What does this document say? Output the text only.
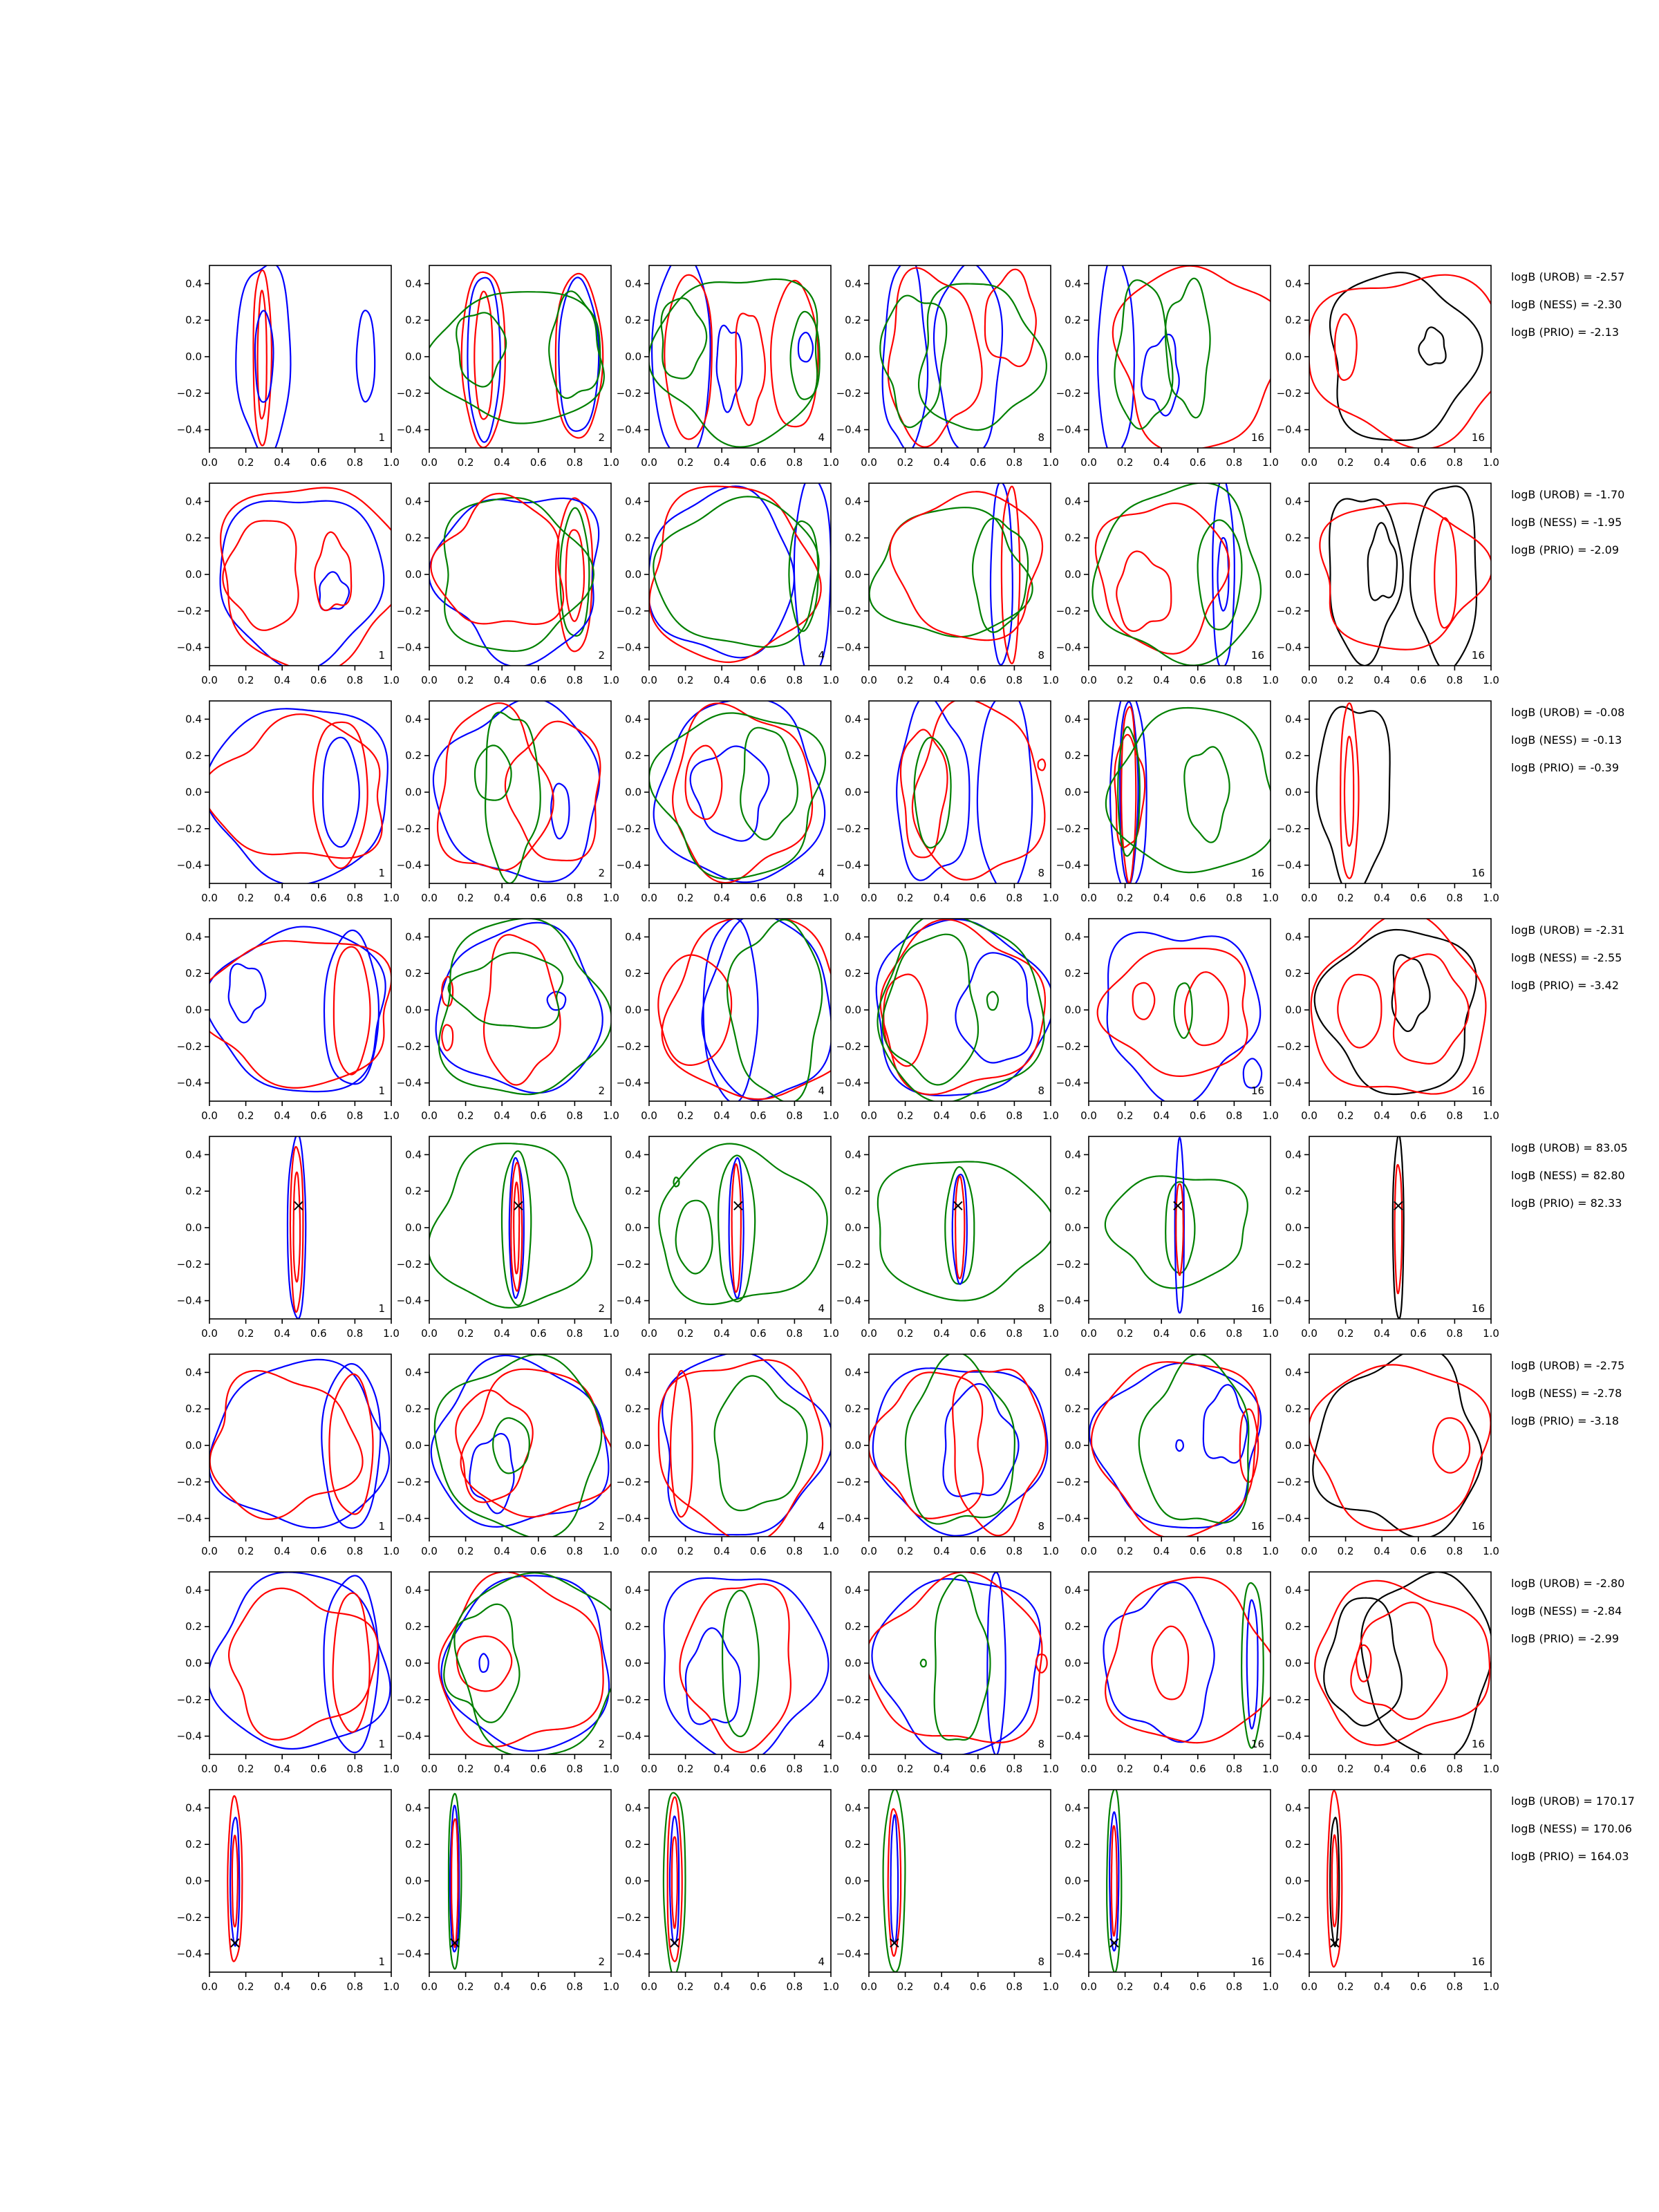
0.0 0.2 0.4 0.6 0.8 1.0
0.4
0.2
0.0
−0.2
−0.4
1
0.0 0.2 0.4 0.6 0.8 1.0
0.4
0.2
0.0
−0.2
−0.4
2
0.0 0.2 0.4 0.6 0.8 1.0
0.4
0.2
0.0
−0.2
−0.4
4
0.0 0.2 0.4 0.6 0.8 1.0
0.4
0.2
0.0
−0.2
−0.4
8
0.0 0.2 0.4 0.6 0.8 1.0
0.4
0.2
0.0
−0.2
−0.4
16
0.0 0.2 0.4 0.6 0.8 1.0
0.4
0.2
0.0
−0.2
−0.4
16
0.0 0.2 0.4 0.6 0.8 1.0
0.4
0.2
0.0
−0.2
−0.4
1
0.0 0.2 0.4 0.6 0.8 1.0
0.4
0.2
0.0
−0.2
−0.4
2
0.0 0.2 0.4 0.6 0.8 1.0
0.4
0.2
0.0
−0.2
−0.4
4
0.0 0.2 0.4 0.6 0.8 1.0
0.4
0.2
0.0
−0.2
−0.4
8
0.0 0.2 0.4 0.6 0.8 1.0
0.4
0.2
0.0
−0.2
−0.4
16
0.0 0.2 0.4 0.6 0.8 1.0
0.4
0.2
0.0
−0.2
−0.4
16
0.0 0.2 0.4 0.6 0.8 1.0
0.4
0.2
0.0
−0.2
−0.4
1
0.0 0.2 0.4 0.6 0.8 1.0
0.4
0.2
0.0
−0.2
−0.4
2
0.0 0.2 0.4 0.6 0.8 1.0
0.4
0.2
0.0
−0.2
−0.4
4
0.0 0.2 0.4 0.6 0.8 1.0
0.4
0.2
0.0
−0.2
−0.4
8
0.0 0.2 0.4 0.6 0.8 1.0
0.4
0.2
0.0
−0.2
−0.4
16
0.0 0.2 0.4 0.6 0.8 1.0
0.4
0.2
0.0
−0.2
−0.4
16
0.0 0.2 0.4 0.6 0.8 1.0
0.4
0.2
0.0
−0.2
−0.4
1
0.0 0.2 0.4 0.6 0.8 1.0
0.4
0.2
0.0
−0.2
−0.4
2
0.0 0.2 0.4 0.6 0.8 1.0
0.4
0.2
0.0
−0.2
−0.4
4
0.0 0.2 0.4 0.6 0.8 1.0
0.4
0.2
0.0
−0.2
−0.4
8
0.0 0.2 0.4 0.6 0.8 1.0
0.4
0.2
0.0
−0.2
−0.4
16
0.0 0.2 0.4 0.6 0.8 1.0
0.4
0.2
0.0
−0.2
−0.4
16
0.0 0.2 0.4 0.6 0.8 1.0
0.4
0.2
0.0
−0.2
−0.4
1
0.0 0.2 0.4 0.6 0.8 1.0
0.4
0.2
0.0
−0.2
−0.4
2
0.0 0.2 0.4 0.6 0.8 1.0
0.4
0.2
0.0
−0.2
−0.4
4
0.0 0.2 0.4 0.6 0.8 1.0
0.4
0.2
0.0
−0.2
−0.4
8
0.0 0.2 0.4 0.6 0.8 1.0
0.4
0.2
0.0
−0.2
−0.4
16
0.0 0.2 0.4 0.6 0.8 1.0
0.4
0.2
0.0
−0.2
−0.4
16
0.0 0.2 0.4 0.6 0.8 1.0
0.4
0.2
0.0
−0.2
−0.4
1
0.0 0.2 0.4 0.6 0.8 1.0
0.4
0.2
0.0
−0.2
−0.4
2
0.0 0.2 0.4 0.6 0.8 1.0
0.4
0.2
0.0
−0.2
−0.4
4
0.0 0.2 0.4 0.6 0.8 1.0
0.4
0.2
0.0
−0.2
−0.4
8
0.0 0.2 0.4 0.6 0.8 1.0
0.4
0.2
0.0
−0.2
−0.4
16
0.0 0.2 0.4 0.6 0.8 1.0
0.4
0.2
0.0
−0.2
−0.4
16
0.0 0.2 0.4 0.6 0.8 1.0
0.4
0.2
0.0
−0.2
−0.4
1
0.0 0.2 0.4 0.6 0.8 1.0
0.4
0.2
0.0
−0.2
−0.4
2
0.0 0.2 0.4 0.6 0.8 1.0
0.4
0.2
0.0
−0.2
−0.4
4
0.0 0.2 0.4 0.6 0.8 1.0
0.4
0.2
0.0
−0.2
−0.4
8
0.0 0.2 0.4 0.6 0.8 1.0
0.4
0.2
0.0
−0.2
−0.4
16
0.0 0.2 0.4 0.6 0.8 1.0
0.4
0.2
0.0
−0.2
−0.4
16
0.0 0.2 0.4 0.6 0.8 1.0
0.4
0.2
0.0
−0.2
−0.4
1
0.0 0.2 0.4 0.6 0.8 1.0
0.4
0.2
0.0
−0.2
−0.4
2
0.0 0.2 0.4 0.6 0.8 1.0
0.4
0.2
0.0
−0.2
−0.4
4
0.0 0.2 0.4 0.6 0.8 1.0
0.4
0.2
0.0
−0.2
−0.4
8
0.0 0.2 0.4 0.6 0.8 1.0
0.4
0.2
0.0
−0.2
−0.4
16
0.0 0.2 0.4 0.6 0.8 1.0
0.4
0.2
0.0
−0.2
−0.4
16
logB (UROB) = -2.57
logB (NESS) = -2.30
logB (PRIO) = -2.13
logB (UROB) = -1.70
logB (NESS) = -1.95
logB (PRIO) = -2.09
logB (UROB) = -0.08
logB (NESS) = -0.13
logB (PRIO) = -0.39
logB (UROB) = -2.31
logB (NESS) = -2.55
logB (PRIO) = -3.42
logB (UROB) = 83.05
logB (NESS) = 82.80
logB (PRIO) = 82.33
logB (UROB) = -2.75
logB (NESS) = -2.78
logB (PRIO) = -3.18
logB (UROB) = -2.80
logB (NESS) = -2.84
logB (PRIO) = -2.99
logB (UROB) = 170.17
logB (NESS) = 170.06
logB (PRIO) = 164.03
